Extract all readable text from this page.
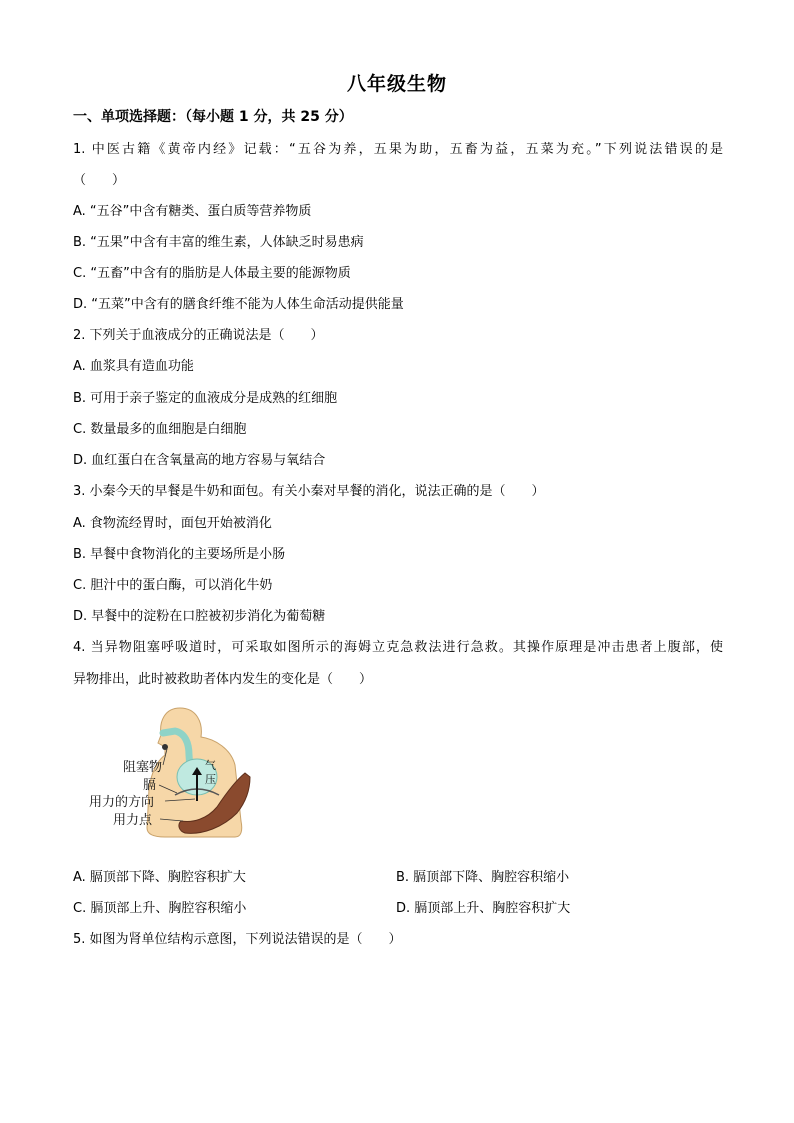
八年级生物
一、单项选择题：（每小题 1 分，共 25 分）
1. 中医古籍《黄帝内经》记载：“五谷为养，五果为助，五畜为益，五菜为充。”下列说法错误的是
（　　）
A. “五谷”中含有糖类、蛋白质等营养物质
B. “五果”中含有丰富的维生素，人体缺乏时易患病
C. “五畜”中含有的脂肪是人体最主要的能源物质
D. “五菜”中含有的膳食纤维不能为人体生命活动提供能量
2. 下列关于血液成分的正确说法是（　　）
A. 血浆具有造血功能
B. 可用于亲子鉴定的血液成分是成熟的红细胞
C. 数量最多的血细胞是白细胞
D. 血红蛋白在含氧量高的地方容易与氧结合
3. 小秦今天的早餐是牛奶和面包。有关小秦对早餐的消化，说法正确的是（　　）
A. 食物流经胃时，面包开始被消化
B. 早餐中食物消化的主要场所是小肠
C. 胆汁中的蛋白酶，可以消化牛奶
D. 早餐中的淀粉在口腔被初步消化为葡萄糖
4. 当异物阻塞呼吸道时，可采取如图所示的海姆立克急救法进行急救。其操作原理是冲击患者上腹部，使
异物排出，此时被救助者体内发生的变化是（　　）
阻塞物
膈
用力的方向
用力点
气
压
A. 膈顶部下降、胸腔容积扩大	B. 膈顶部下降、胸腔容积缩小
C. 膈顶部上升、胸腔容积缩小	D. 膈顶部上升、胸腔容积扩大
5. 如图为肾单位结构示意图，下列说法错误的是（　　）
